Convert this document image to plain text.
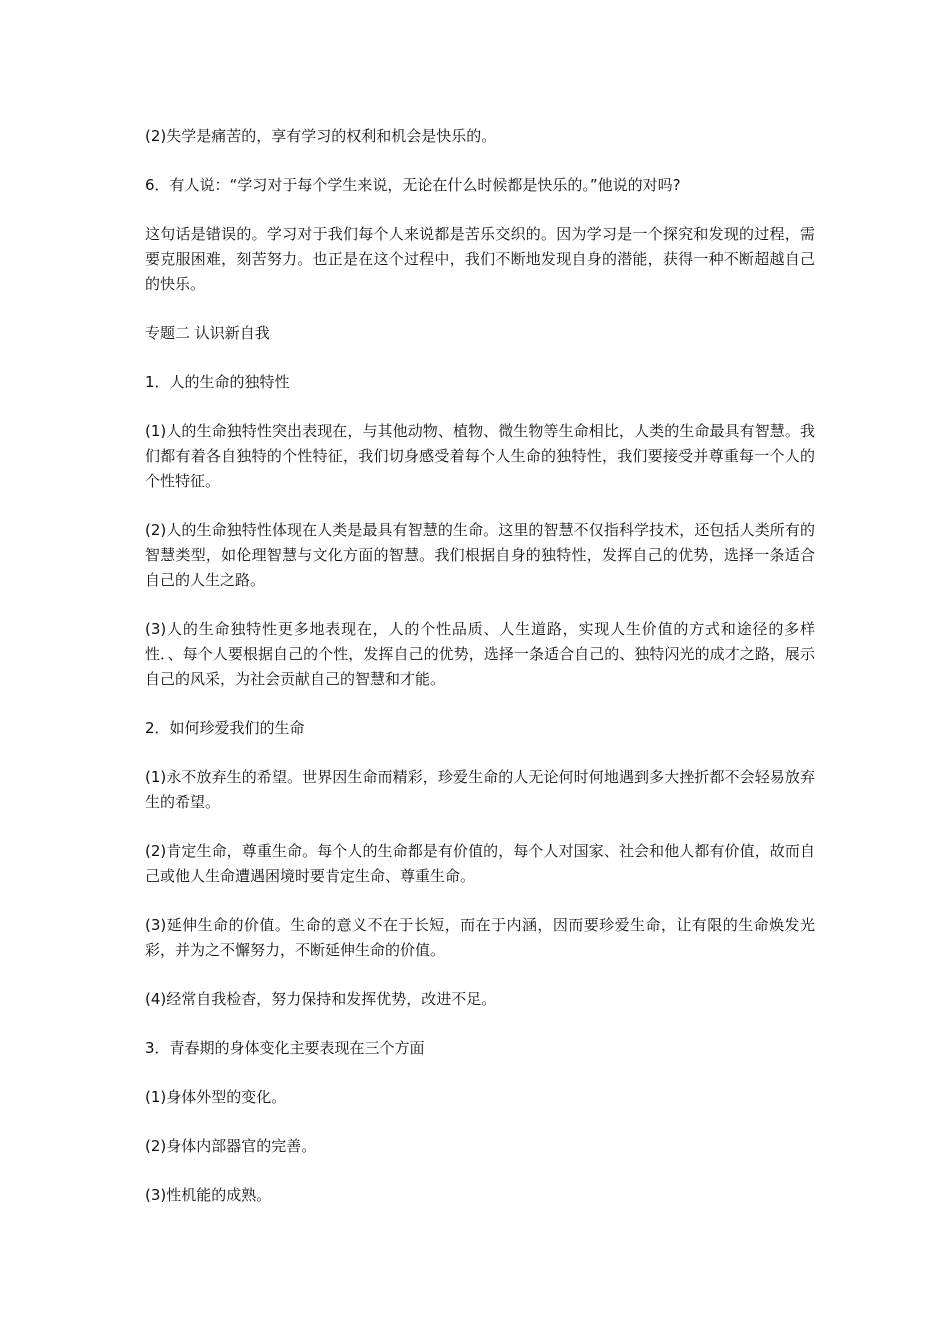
(2)失学是痛苦的，享有学习的权利和机会是快乐的。

6．有人说：“学习对于每个学生来说，无论在什么时候都是快乐的。”他说的对吗?

这句话是错误的。学习对于我们每个人来说都是苦乐交织的。因为学习是一个探究和发现的过程，需要克服困难，刻苦努力。也正是在这个过程中，我们不断地发现自身的潜能，获得一种不断超越自己的快乐。

专题二 认识新自我

1．人的生命的独特性

(1)人的生命独特性突出表现在，与其他动物、植物、微生物等生命相比，人类的生命最具有智慧。我们都有着各自独特的个性特征，我们切身感受着每个人生命的独特性，我们要接受并尊重每一个人的个性特征。

(2)人的生命独特性体现在人类是最具有智慧的生命。这里的智慧不仅指科学技术，还包括人类所有的智慧类型，如伦理智慧与文化方面的智慧。我们根据自身的独特性，发挥自己的优势，选择一条适合自己的人生之路。

(3)人的生命独特性更多地表现在，人的个性品质、人生道路，实现人生价值的方式和途径的多样性．、每个人要根据自己的个性，发挥自己的优势，选择一条适合自己的、独特闪光的成才之路，展示自己的风采，为社会贡献自己的智慧和才能。

2．如何珍爱我们的生命

(1)永不放弃生的希望。世界因生命而精彩，珍爱生命的人无论何时何地遇到多大挫折都不会轻易放弃生的希望。

(2)肯定生命，尊重生命。每个人的生命都是有价值的，每个人对国家、社会和他人都有价值，故而自己或他人生命遭遇困境时要肯定生命、尊重生命。

(3)延伸生命的价值。生命的意义不在于长短，而在于内涵，因而要珍爱生命，让有限的生命焕发光彩，并为之不懈努力，不断延伸生命的价值。

(4)经常自我检杳，努力保持和发挥优势，改进不足。

3．青春期的身体变化主要表现在三个方面

(1)身体外型的变化。

(2)身体内部器官的完善。

(3)性机能的成熟。
